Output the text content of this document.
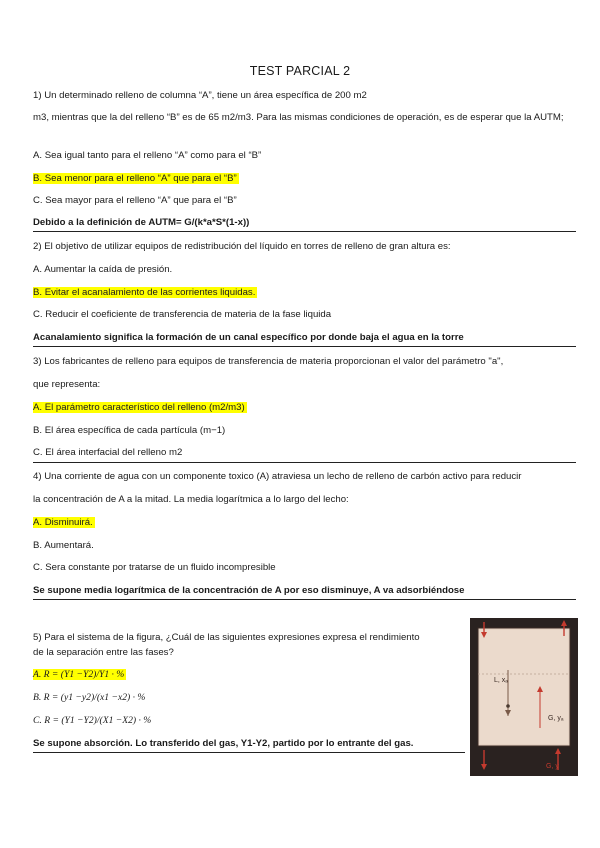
TEST PARCIAL 2
1) Un determinado relleno de columna “A”, tiene un área específica de 200 m2
m3, mientras que la del relleno “B” es de 65 m2/m3. Para las mismas condiciones de operación, es de esperar que la AUTM;
A. Sea igual tanto para el relleno “A” como para el “B”
B. Sea menor para el relleno “A” que para el “B”
C. Sea mayor para el relleno “A” que para el “B”
Debido a la definición de AUTM= G/(k*a*S*(1-x))
2) El objetivo de utilizar equipos de redistribución del líquido en torres de relleno de gran altura es:
A. Aumentar la caída de presión.
B. Evitar el acanalamiento de las corrientes liquidas.
C. Reducir el coeficiente de transferencia de materia de la fase liquida
Acanalamiento significa la formación de un canal específico por donde baja el agua en la torre
3) Los fabricantes de relleno para equipos de transferencia de materia proporcionan el valor del parámetro "a",
que representa:
A. El parámetro característico del relleno (m2/m3)
B. El área específica de cada partícula (m−1)
C. El área interfacial del relleno m2
4) Una corriente de agua con un componente toxico (A) atraviesa un lecho de relleno de carbón activo para reducir
la concentración de A a la mitad. La media logarítmica a lo largo del lecho:
A. Disminuirá.
B. Aumentará.
C. Sera constante por tratarse de un fluido incompresible
Se supone media logarítmica de la concentración de A por eso disminuye, A va adsorbiéndose
5) Para el sistema de la figura, ¿Cuál de las siguientes expresiones expresa el rendimiento
de la separación entre las fases?
A. R = (Y1 −Y2)/Y1 · %
B. R = (y1 −y2)/(x1 −x2) · %
C. R = (Y1 −Y2)/(X1 −X2) · %
Se supone absorción. Lo transferido del gas, Y1-Y2, partido por lo entrante del gas.
L, xₐ
G, yₐ
G, y
